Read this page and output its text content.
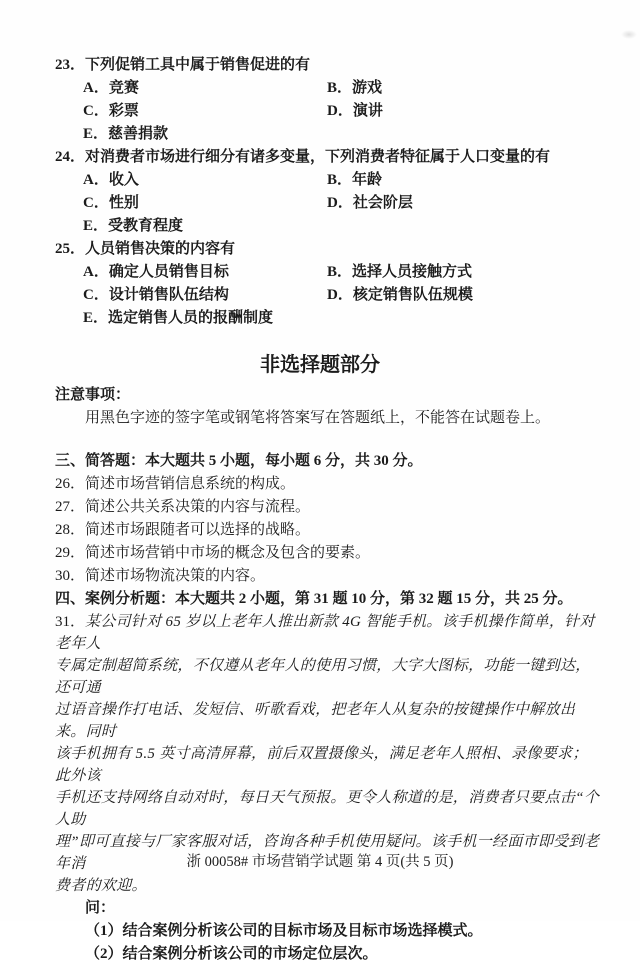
23．下列促销工具中属于销售促进的有
A．竞赛	B．游戏
C．彩票	D．演讲
E．慈善捐款
24．对消费者市场进行细分有诸多变量，下列消费者特征属于人口变量的有
A．收入	B．年龄
C．性别	D．社会阶层
E．受教育程度
25．人员销售决策的内容有
A．确定人员销售目标	B．选择人员接触方式
C．设计销售队伍结构	D．核定销售队伍规模
E．选定销售人员的报酬制度
非选择题部分
注意事项：
用黑色字迹的签字笔或钢笔将答案写在答题纸上，不能答在试题卷上。
三、简答题：本大题共 5 小题，每小题 6 分，共 30 分。
26．简述市场营销信息系统的构成。
27．简述公共关系决策的内容与流程。
28．简述市场跟随者可以选择的战略。
29．简述市场营销中市场的概念及包含的要素。
30．简述市场物流决策的内容。
四、案例分析题：本大题共 2 小题，第 31 题 10 分，第 32 题 15 分，共 25 分。
31．某公司针对 65 岁以上老年人推出新款 4G 智能手机。该手机操作简单，针对老年人
专属定制超简系统，不仅遵从老年人的使用习惯，大字大图标，功能一键到达，还可通
过语音操作打电话、发短信、听歌看戏，把老年人从复杂的按键操作中解放出来。同时
该手机拥有 5.5 英寸高清屏幕，前后双置摄像头，满足老年人照相、录像要求；此外该
手机还支持网络自动对时，每日天气预报。更令人称道的是，消费者只要点击“个人助
理”即可直接与厂家客服对话，咨询各种手机使用疑问。该手机一经面市即受到老年消
费者的欢迎。
问：
（1）结合案例分析该公司的目标市场及目标市场选择模式。
（2）结合案例分析该公司的市场定位层次。
浙 00058# 市场营销学试题 第 4 页(共 5 页)
